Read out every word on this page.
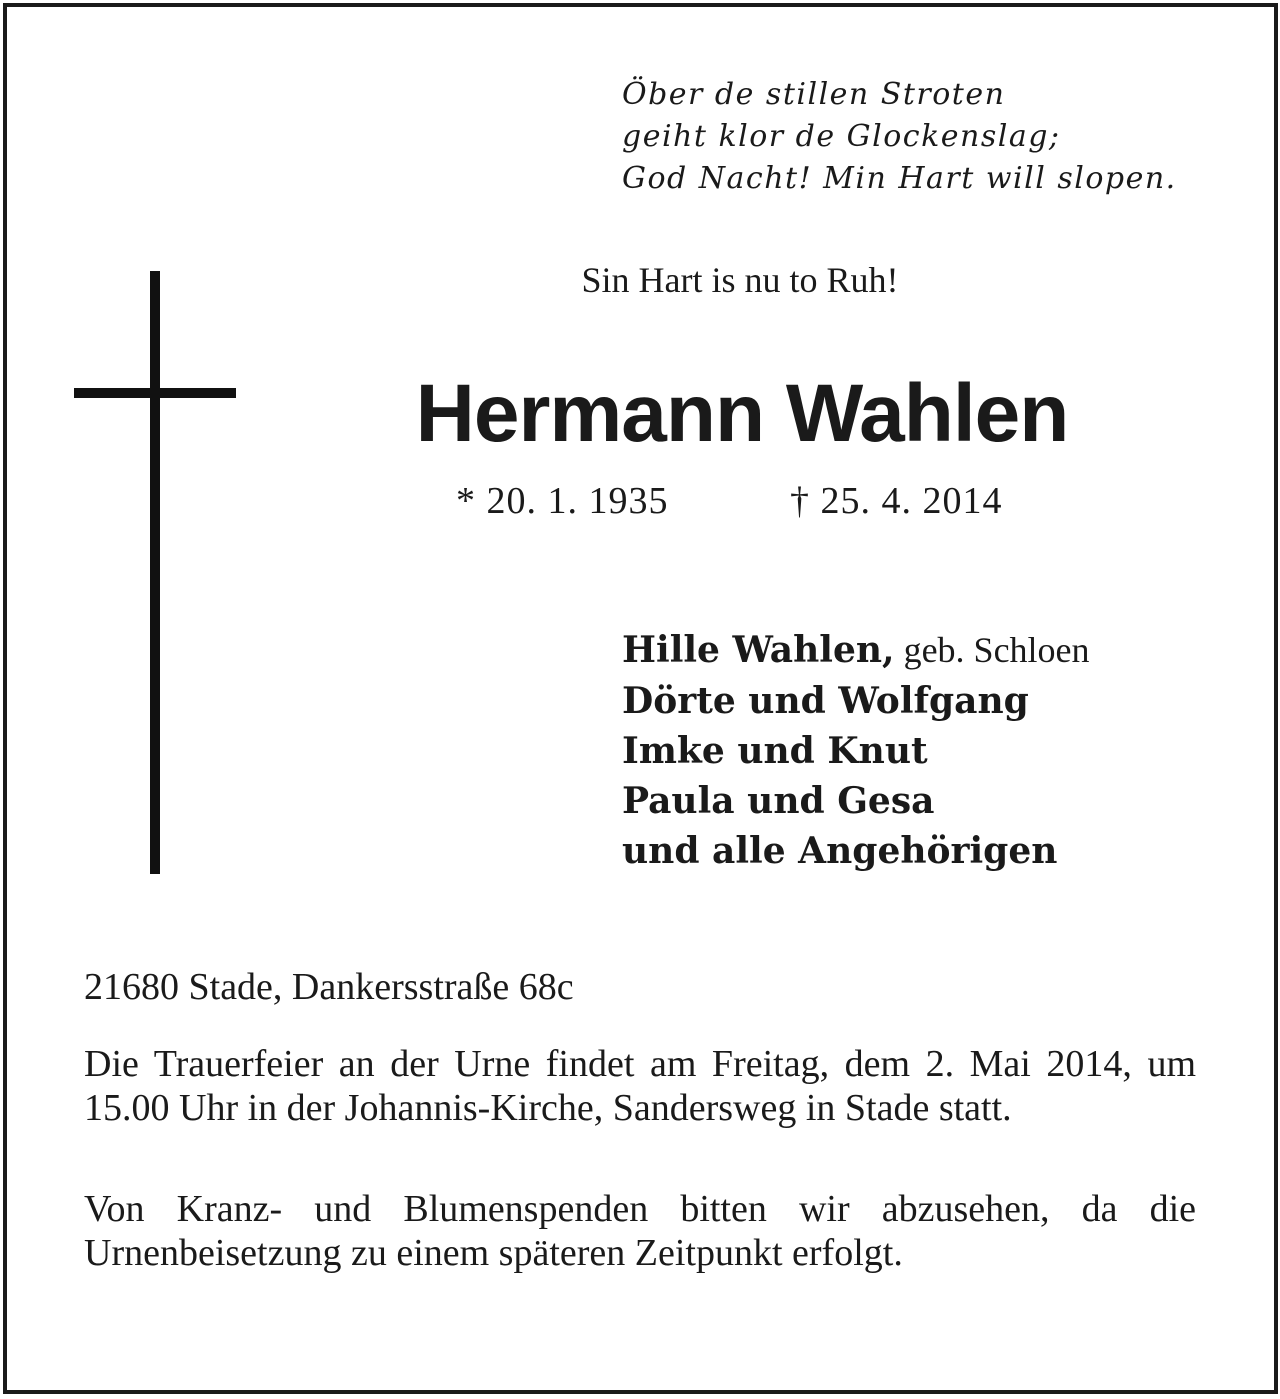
Öber de stillen Stroten
geiht klor de Glockenslag;
God Nacht! Min Hart will slopen.
Sin Hart is nu to Ruh!
Hermann Wahlen
* 20. 1. 1935	† 25. 4. 2014
Hille Wahlen, geb. Schloen
Dörte und Wolfgang
Imke und Knut
Paula und Gesa
und alle Angehörigen
21680 Stade, Dankersstraße 68c

Die Trauerfeier an der Urne findet am Freitag, dem 2. Mai 2014, um 15.00 Uhr in der Johannis-Kirche, Sandersweg in Stade statt.

Von Kranz- und Blumenspenden bitten wir abzusehen, da die Urnenbeisetzung zu einem späteren Zeitpunkt erfolgt.
